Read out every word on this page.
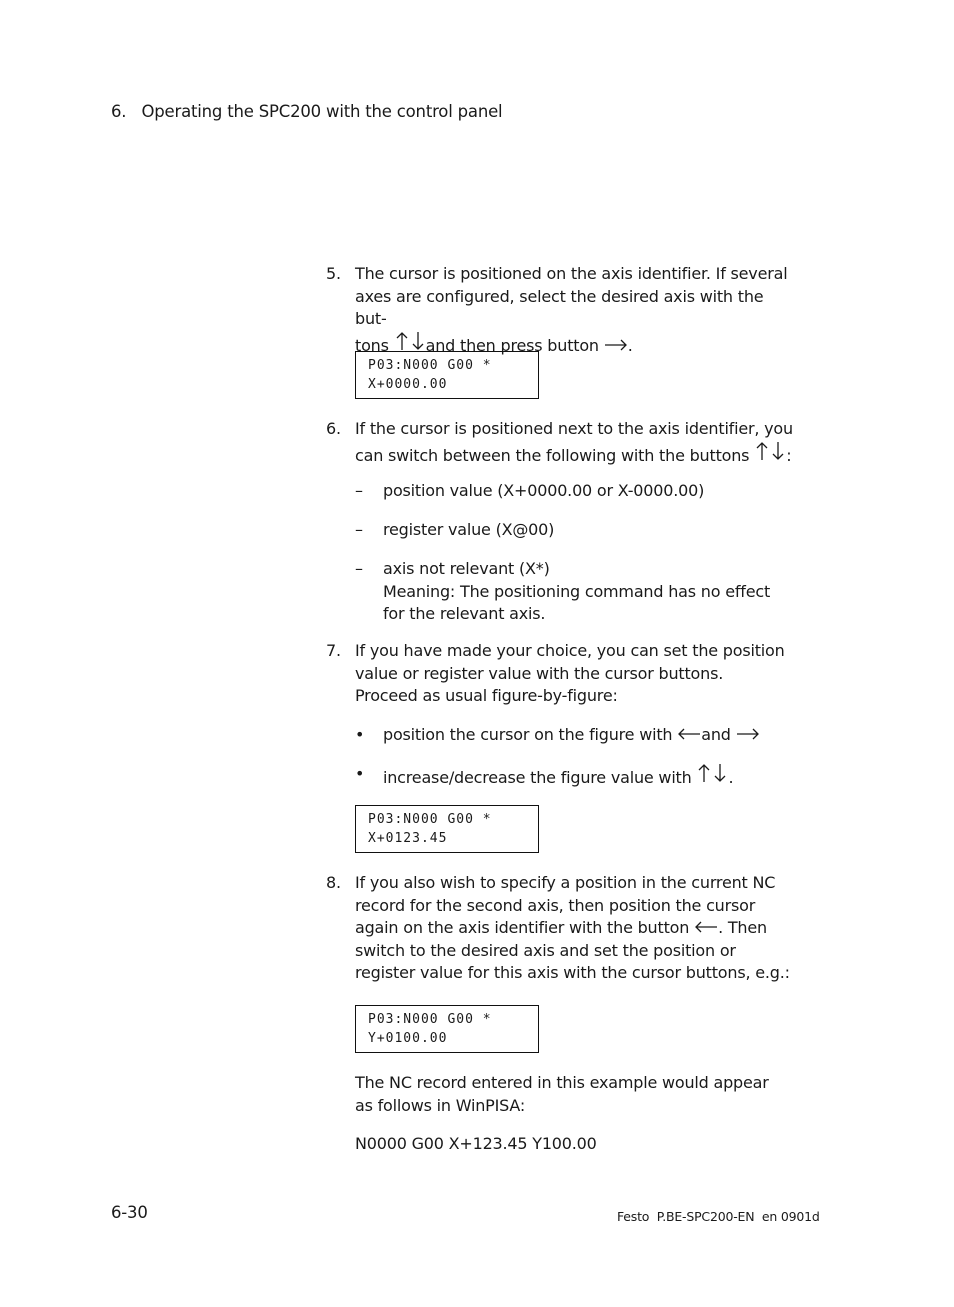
6.   Operating the SPC200 with the control panel
5. The cursor is positioned on the axis identifier. If several axes are configured, select the desired axis with the but-
tons and then press button .
P03:N000 G00 *
X+0000.00
6. If the cursor is positioned next to the axis identifier, you
can switch between the following with the buttons :
–	position value (X+0000.00 or X-0000.00)
–	register value (X@00)
–	axis not relevant (X*)
Meaning: The positioning command has no effect for the relevant axis.
7. If you have made your choice, you can set the position value or register value with the cursor buttons. Proceed as usual figure-by-figure:
•	position the cursor on the figure with and
•	increase/decrease the figure value with .
P03:N000 G00 *
X+0123.45
8. If you also wish to specify a position in the current NC record for the second axis, then position the cursor again on the axis identifier with the button . Then switch to the desired axis and set the position or register value for this axis with the cursor buttons, e.g.:
P03:N000 G00 *
Y+0100.00
The NC record entered in this example would appear as follows in WinPISA:
N0000 G00 X+123.45 Y100.00
6-30	Festo  P.BE-SPC200-EN  en 0901d
